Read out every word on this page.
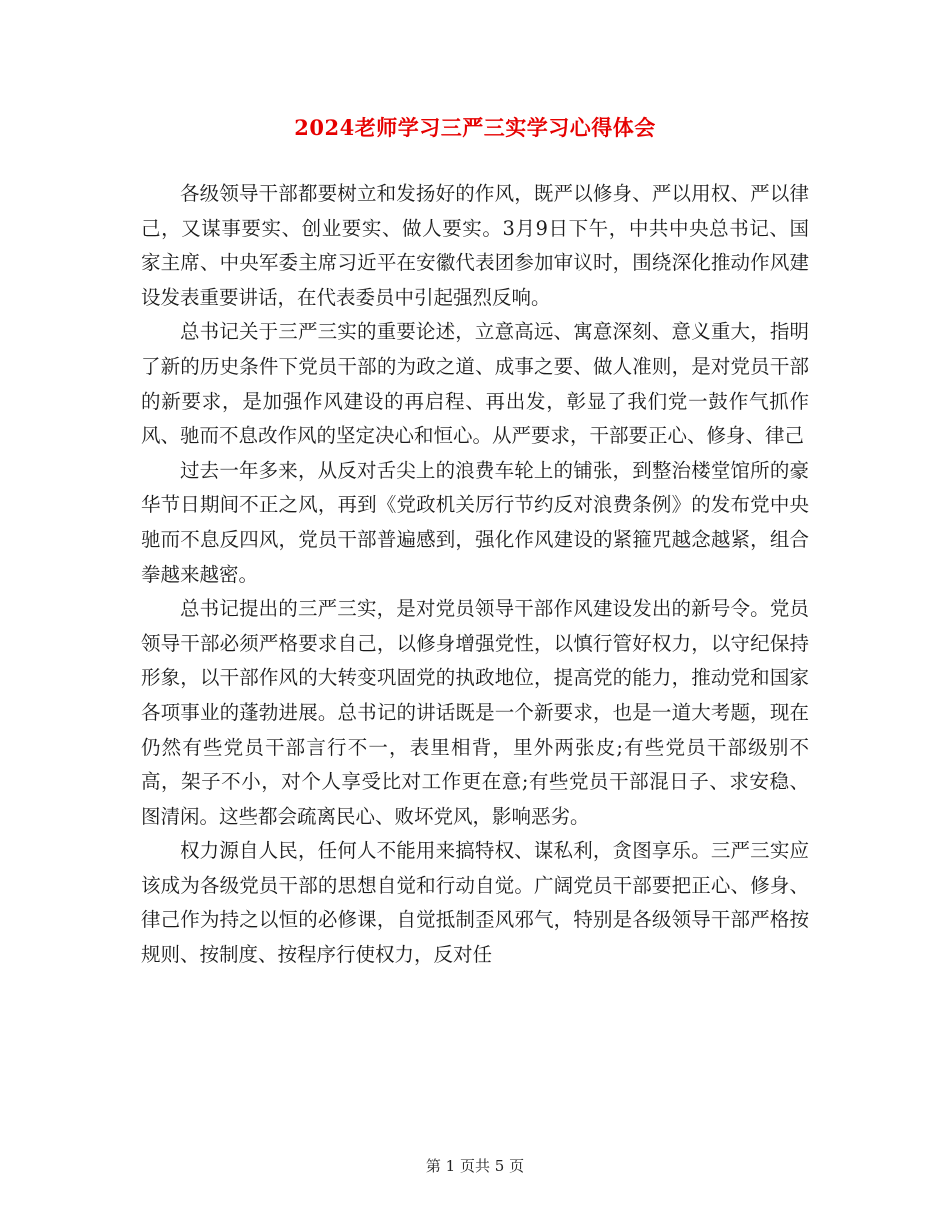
2024老师学习三严三实学习心得体会

各级领导干部都要树立和发扬好的作风，既严以修身、严以用权、严以律己，又谋事要实、创业要实、做人要实。3月9日下午，中共中央总书记、国家主席、中央军委主席习近平在安徽代表团参加审议时，围绕深化推动作风建设发表重要讲话，在代表委员中引起强烈反响。

总书记关于三严三实的重要论述，立意高远、寓意深刻、意义重大，指明了新的历史条件下党员干部的为政之道、成事之要、做人准则，是对党员干部的新要求，是加强作风建设的再启程、再出发，彰显了我们党一鼓作气抓作风、驰而不息改作风的坚定决心和恒心。从严要求，干部要正心、修身、律己

过去一年多来，从反对舌尖上的浪费车轮上的铺张，到整治楼堂馆所的豪华节日期间不正之风，再到《党政机关厉行节约反对浪费条例》的发布党中央驰而不息反四风，党员干部普遍感到，强化作风建设的紧箍咒越念越紧，组合拳越来越密。

总书记提出的三严三实，是对党员领导干部作风建设发出的新号令。党员领导干部必须严格要求自己，以修身增强党性，以慎行管好权力，以守纪保持形象，以干部作风的大转变巩固党的执政地位，提高党的能力，推动党和国家各项事业的蓬勃进展。总书记的讲话既是一个新要求，也是一道大考题，现在仍然有些党员干部言行不一，表里相背，里外两张皮;有些党员干部级别不高，架子不小，对个人享受比对工作更在意;有些党员干部混日子、求安稳、图清闲。这些都会疏离民心、败坏党风，影响恶劣。

权力源自人民，任何人不能用来搞特权、谋私利，贪图享乐。三严三实应该成为各级党员干部的思想自觉和行动自觉。广阔党员干部要把正心、修身、律己作为持之以恒的必修课，自觉抵制歪风邪气，特别是各级领导干部严格按规则、按制度、按程序行使权力，反对任

第 1 页共 5 页
